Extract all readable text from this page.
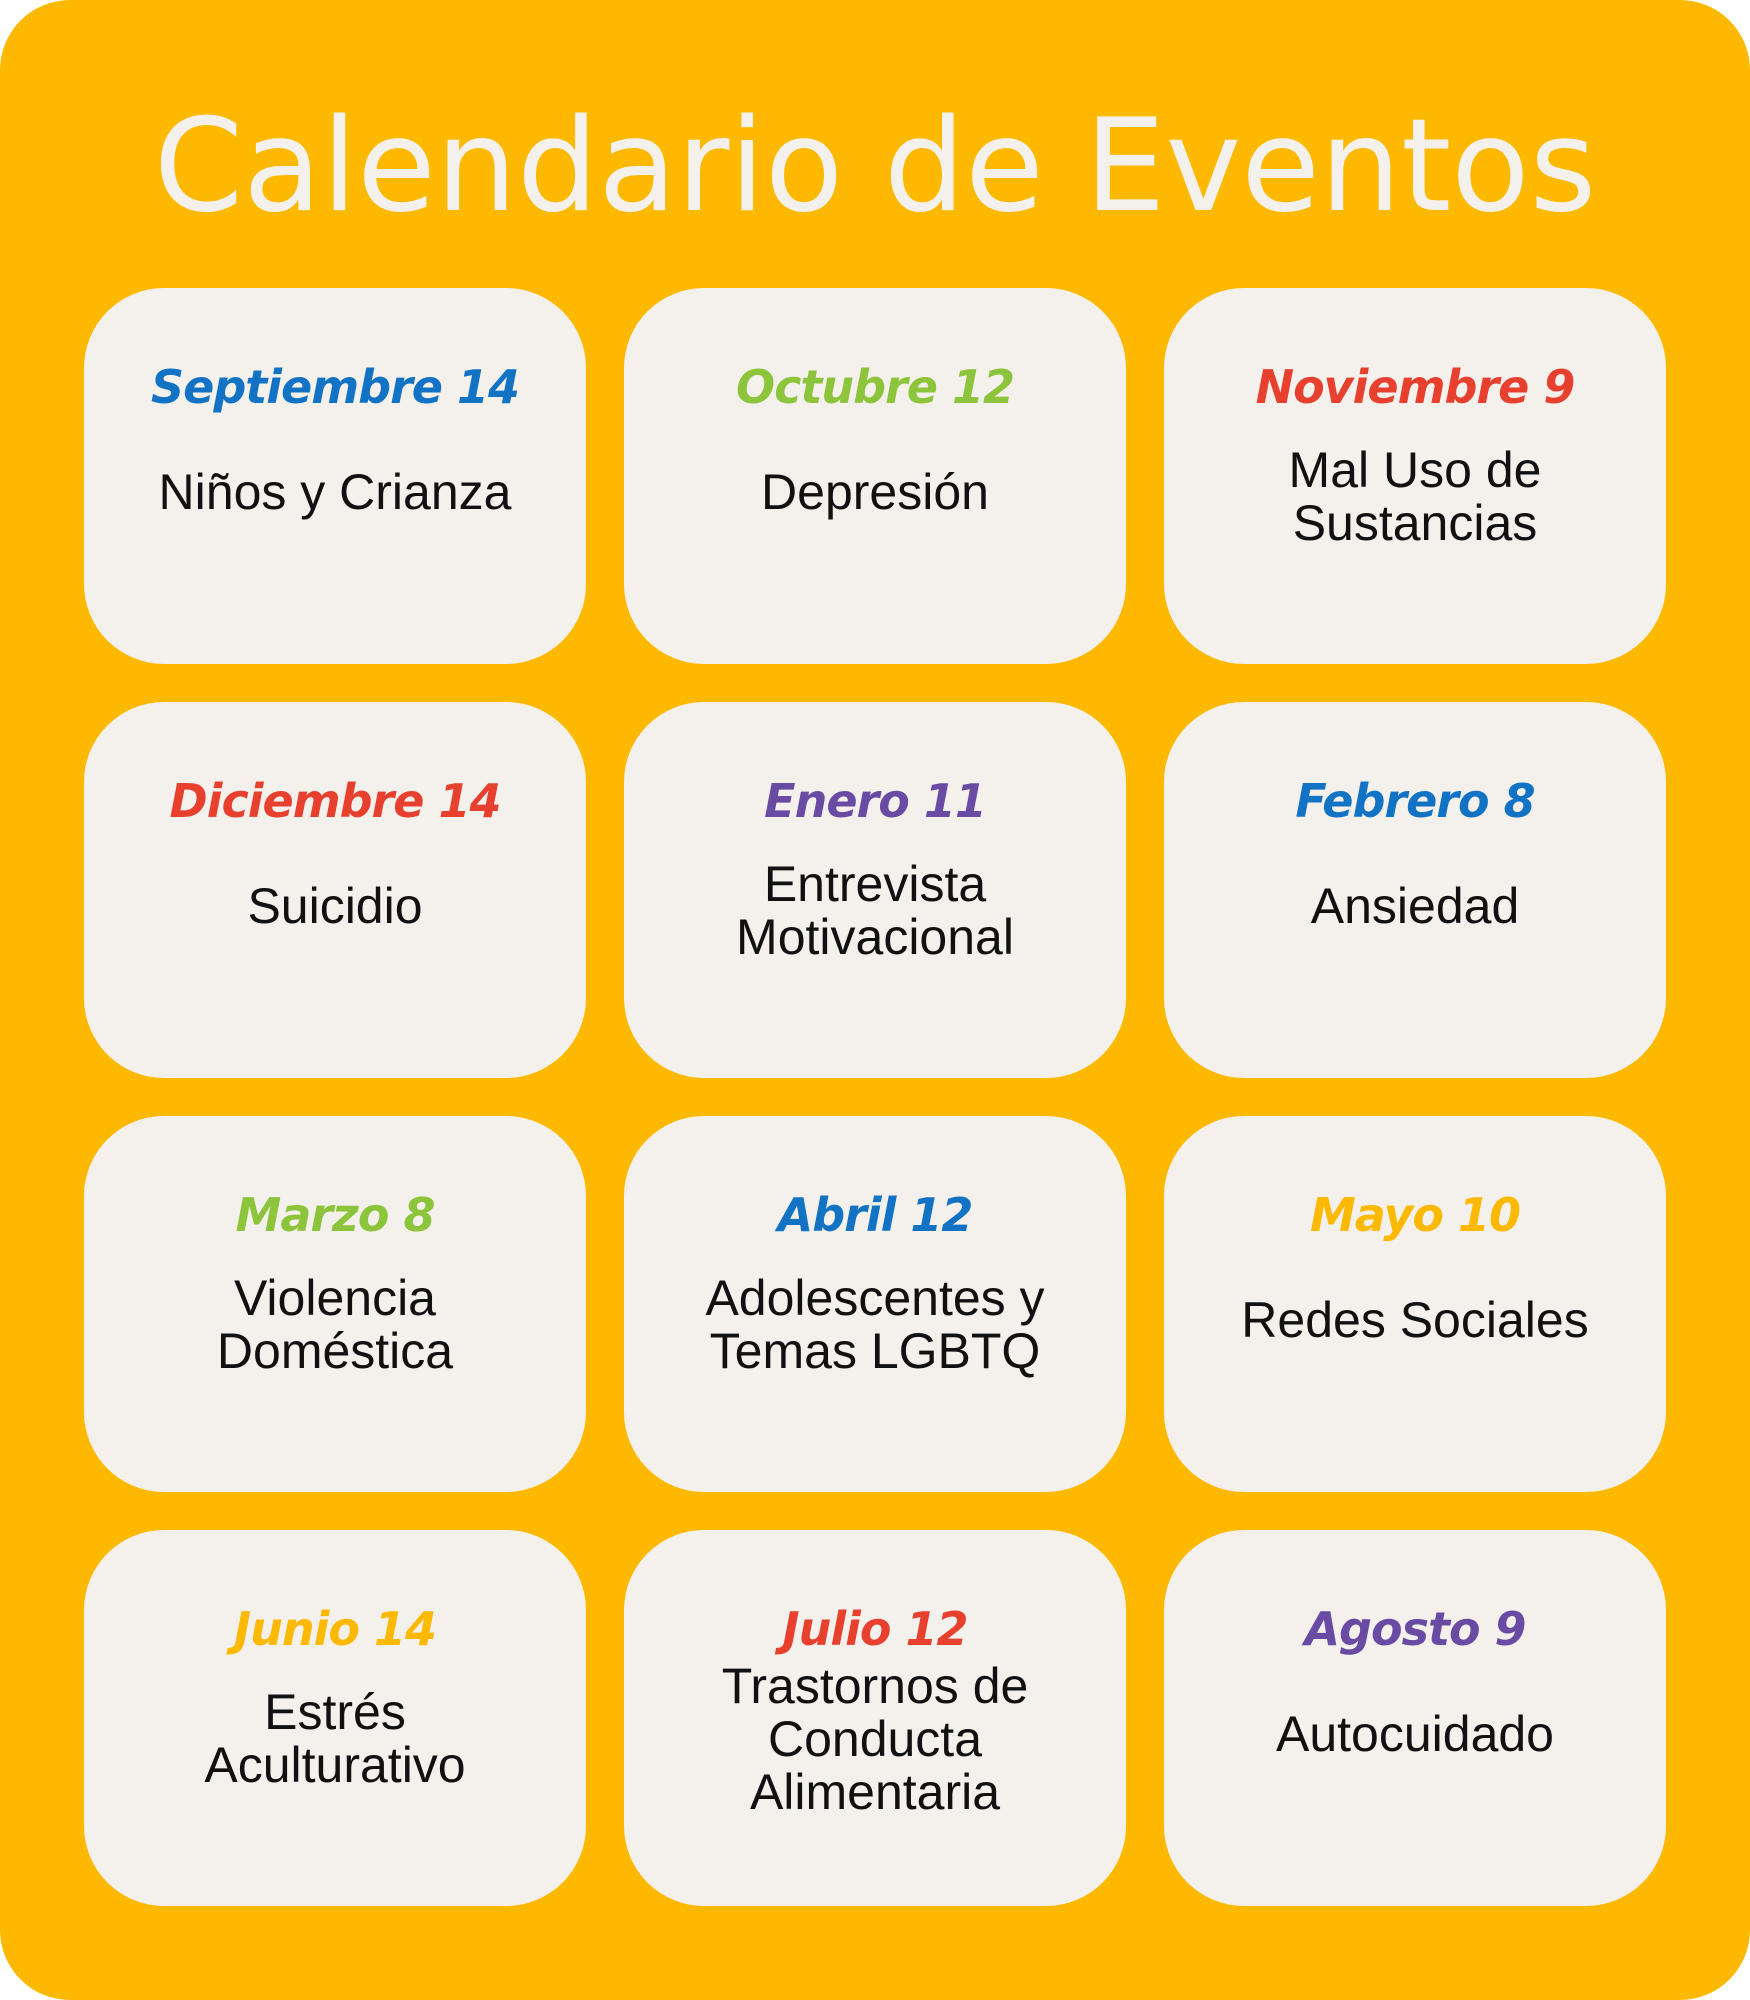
Calendario de Eventos
Septiembre 14
Niños y Crianza
Octubre 12
Depresión
Noviembre 9
Mal Uso de
Sustancias
Diciembre 14
Suicidio
Enero 11
Entrevista
Motivacional
Febrero 8
Ansiedad
Marzo 8
Violencia
Doméstica
Abril 12
Adolescentes y
Temas LGBTQ
Mayo 10
Redes Sociales
Junio 14
Estrés
Aculturativo
Julio 12
Trastornos de
Conducta
Alimentaria
Agosto 9
Autocuidado
